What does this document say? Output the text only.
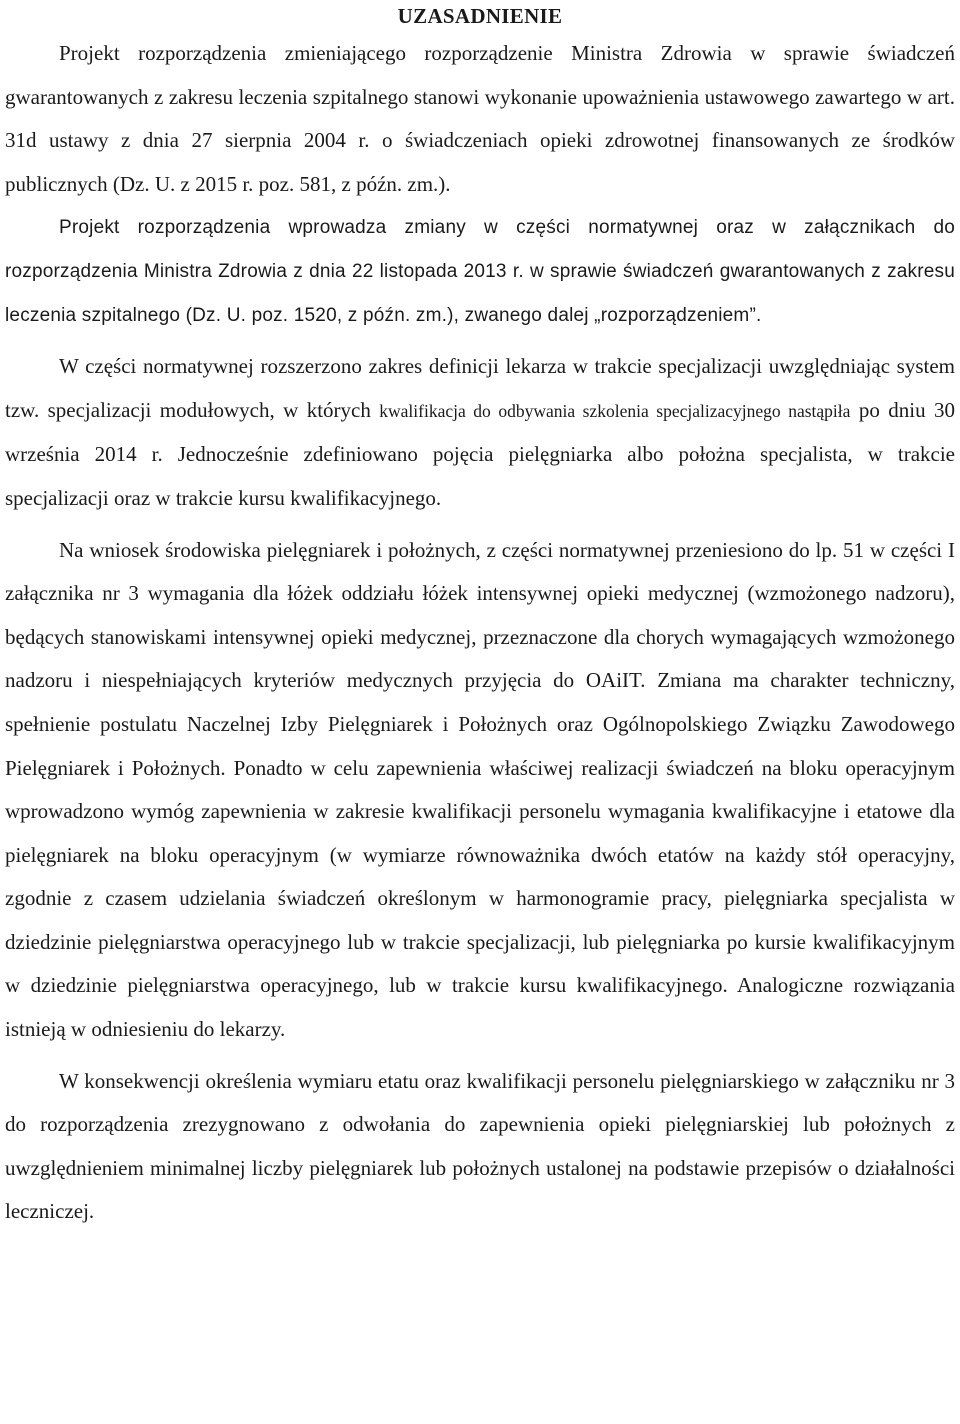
UZASADNIENIE

Projekt rozporządzenia zmieniającego rozporządzenie Ministra Zdrowia w sprawie świadczeń gwarantowanych z zakresu leczenia szpitalnego stanowi wykonanie upoważnienia ustawowego zawartego w art. 31d ustawy z dnia 27 sierpnia 2004 r. o świadczeniach opieki zdrowotnej finansowanych ze środków publicznych (Dz. U. z 2015 r. poz. 581, z późn. zm.).

Projekt rozporządzenia wprowadza zmiany w części normatywnej oraz w załącznikach do rozporządzenia Ministra Zdrowia z dnia 22 listopada 2013 r. w sprawie świadczeń gwarantowanych z zakresu leczenia szpitalnego (Dz. U. poz. 1520, z późn. zm.), zwanego dalej „rozporządzeniem”.

W części normatywnej rozszerzono zakres definicji lekarza w trakcie specjalizacji uwzględniając system tzw. specjalizacji modułowych, w których kwalifikacja do odbywania szkolenia specjalizacyjnego nastąpiła po dniu 30 września 2014 r. Jednocześnie zdefiniowano pojęcia pielęgniarka albo położna specjalista, w trakcie specjalizacji oraz w trakcie kursu kwalifikacyjnego.

Na wniosek środowiska pielęgniarek i położnych, z części normatywnej przeniesiono do lp. 51 w części I załącznika nr 3 wymagania dla łóżek oddziału łóżek intensywnej opieki medycznej (wzmożonego nadzoru), będących stanowiskami intensywnej opieki medycznej, przeznaczone dla chorych wymagających wzmożonego nadzoru i niespełniających kryteriów medycznych przyjęcia do OAiIT. Zmiana ma charakter techniczny, spełnienie postulatu Naczelnej Izby Pielęgniarek i Położnych oraz Ogólnopolskiego Związku Zawodowego Pielęgniarek i Położnych. Ponadto w celu zapewnienia właściwej realizacji świadczeń na bloku operacyjnym wprowadzono wymóg zapewnienia w zakresie kwalifikacji personelu wymagania kwalifikacyjne i etatowe dla pielęgniarek na bloku operacyjnym (w wymiarze równoważnika dwóch etatów na każdy stół operacyjny, zgodnie z czasem udzielania świadczeń określonym w harmonogramie pracy, pielęgniarka specjalista w dziedzinie pielęgniarstwa operacyjnego lub w trakcie specjalizacji, lub pielęgniarka po kursie kwalifikacyjnym w dziedzinie pielęgniarstwa operacyjnego, lub w trakcie kursu kwalifikacyjnego. Analogiczne rozwiązania istnieją w odniesieniu do lekarzy.

W konsekwencji określenia wymiaru etatu oraz kwalifikacji personelu pielęgniarskiego w załączniku nr 3 do rozporządzenia zrezygnowano z odwołania do zapewnienia opieki pielęgniarskiej lub położnych z uwzględnieniem minimalnej liczby pielęgniarek lub położnych ustalonej na podstawie przepisów o działalności leczniczej.
